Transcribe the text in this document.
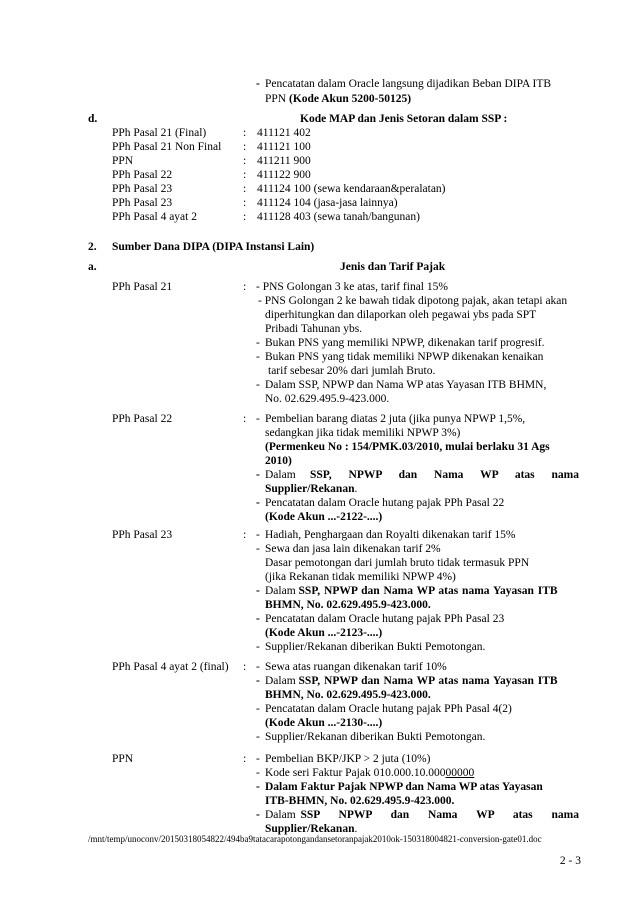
- Pencatatan dalam Oracle langsung dijadikan Beban DIPA ITB
PPN (Kode Akun 5200-50125)
d.	Kode MAP dan Jenis Setoran dalam SSP :
PPh Pasal 21 (Final)	: 411121 402
PPh Pasal 21 Non Final : 411121 100
PPN	: 411211 900
PPh Pasal 22	: 411122 900
PPh Pasal 23	: 411124 100 (sewa kendaraan&peralatan)
PPh Pasal 23	: 411124 104 (jasa-jasa lainnya)
PPh Pasal 4 ayat 2	: 411128 403 (sewa tanah/bangunan)
2. Sumber Dana DIPA (DIPA Instansi Lain)
a.	Jenis dan Tarif Pajak
PPh Pasal 21	: - PNS Golongan 3 ke atas, tarif final 15%
- PNS Golongan 2 ke bawah tidak dipotong pajak, akan tetapi akan
diperhitungkan dan dilaporkan oleh pegawai ybs pada SPT
Pribadi Tahunan ybs.
- Bukan PNS yang memiliki NPWP, dikenakan tarif progresif.
- Bukan PNS yang tidak memiliki NPWP dikenakan kenaikan
tarif sebesar 20% dari jumlah Bruto.
- Dalam SSP, NPWP dan Nama WP atas Yayasan ITB BHMN,
No. 02.629.495.9-423.000.
PPh Pasal 22	: - Pembelian barang diatas 2 juta (jika punya NPWP 1,5%,
sedangkan jika tidak memiliki NPWP 3%)
(Permenkeu No : 154/PMK.03/2010, mulai berlaku 31 Ags
2010)
- Dalam SSP, NPWP dan Nama WP atas nama
Supplier/Rekanan.
- Pencatatan dalam Oracle hutang pajak PPh Pasal 22
(Kode Akun ...-2122-....)
PPh Pasal 23	: - Hadiah, Penghargaan dan Royalti dikenakan tarif 15%
- Sewa dan jasa lain dikenakan tarif 2%
Dasar pemotongan dari jumlah bruto tidak termasuk PPN
(jika Rekanan tidak memiliki NPWP 4%)
- Dalam SSP, NPWP dan Nama WP atas nama Yayasan ITB
BHMN, No. 02.629.495.9-423.000.
- Pencatatan dalam Oracle hutang pajak PPh Pasal 23
(Kode Akun ...-2123-....)
- Supplier/Rekanan diberikan Bukti Pemotongan.
PPh Pasal 4 ayat 2 (final) : - Sewa atas ruangan dikenakan tarif 10%
- Dalam SSP, NPWP dan Nama WP atas nama Yayasan ITB
BHMN, No. 02.629.495.9-423.000.
- Pencatatan dalam Oracle hutang pajak PPh Pasal 4(2)
(Kode Akun ...-2130-....)
- Supplier/Rekanan diberikan Bukti Pemotongan.
PPN	: - Pembelian BKP/JKP > 2 juta (10%)
- Kode seri Faktur Pajak 010.000.10.00000000
- Dalam Faktur Pajak NPWP dan Nama WP atas Yayasan
ITB-BHMN, No. 02.629.495.9-423.000.
- Dalam SSP NPWP dan Nama WP atas nama
Supplier/Rekanan.
/mnt/temp/unoconv/20150318054822/494ba9tatacarapotongandansetoranpajak2010ok-150318004821-conversion-gate01.doc
2 - 3
